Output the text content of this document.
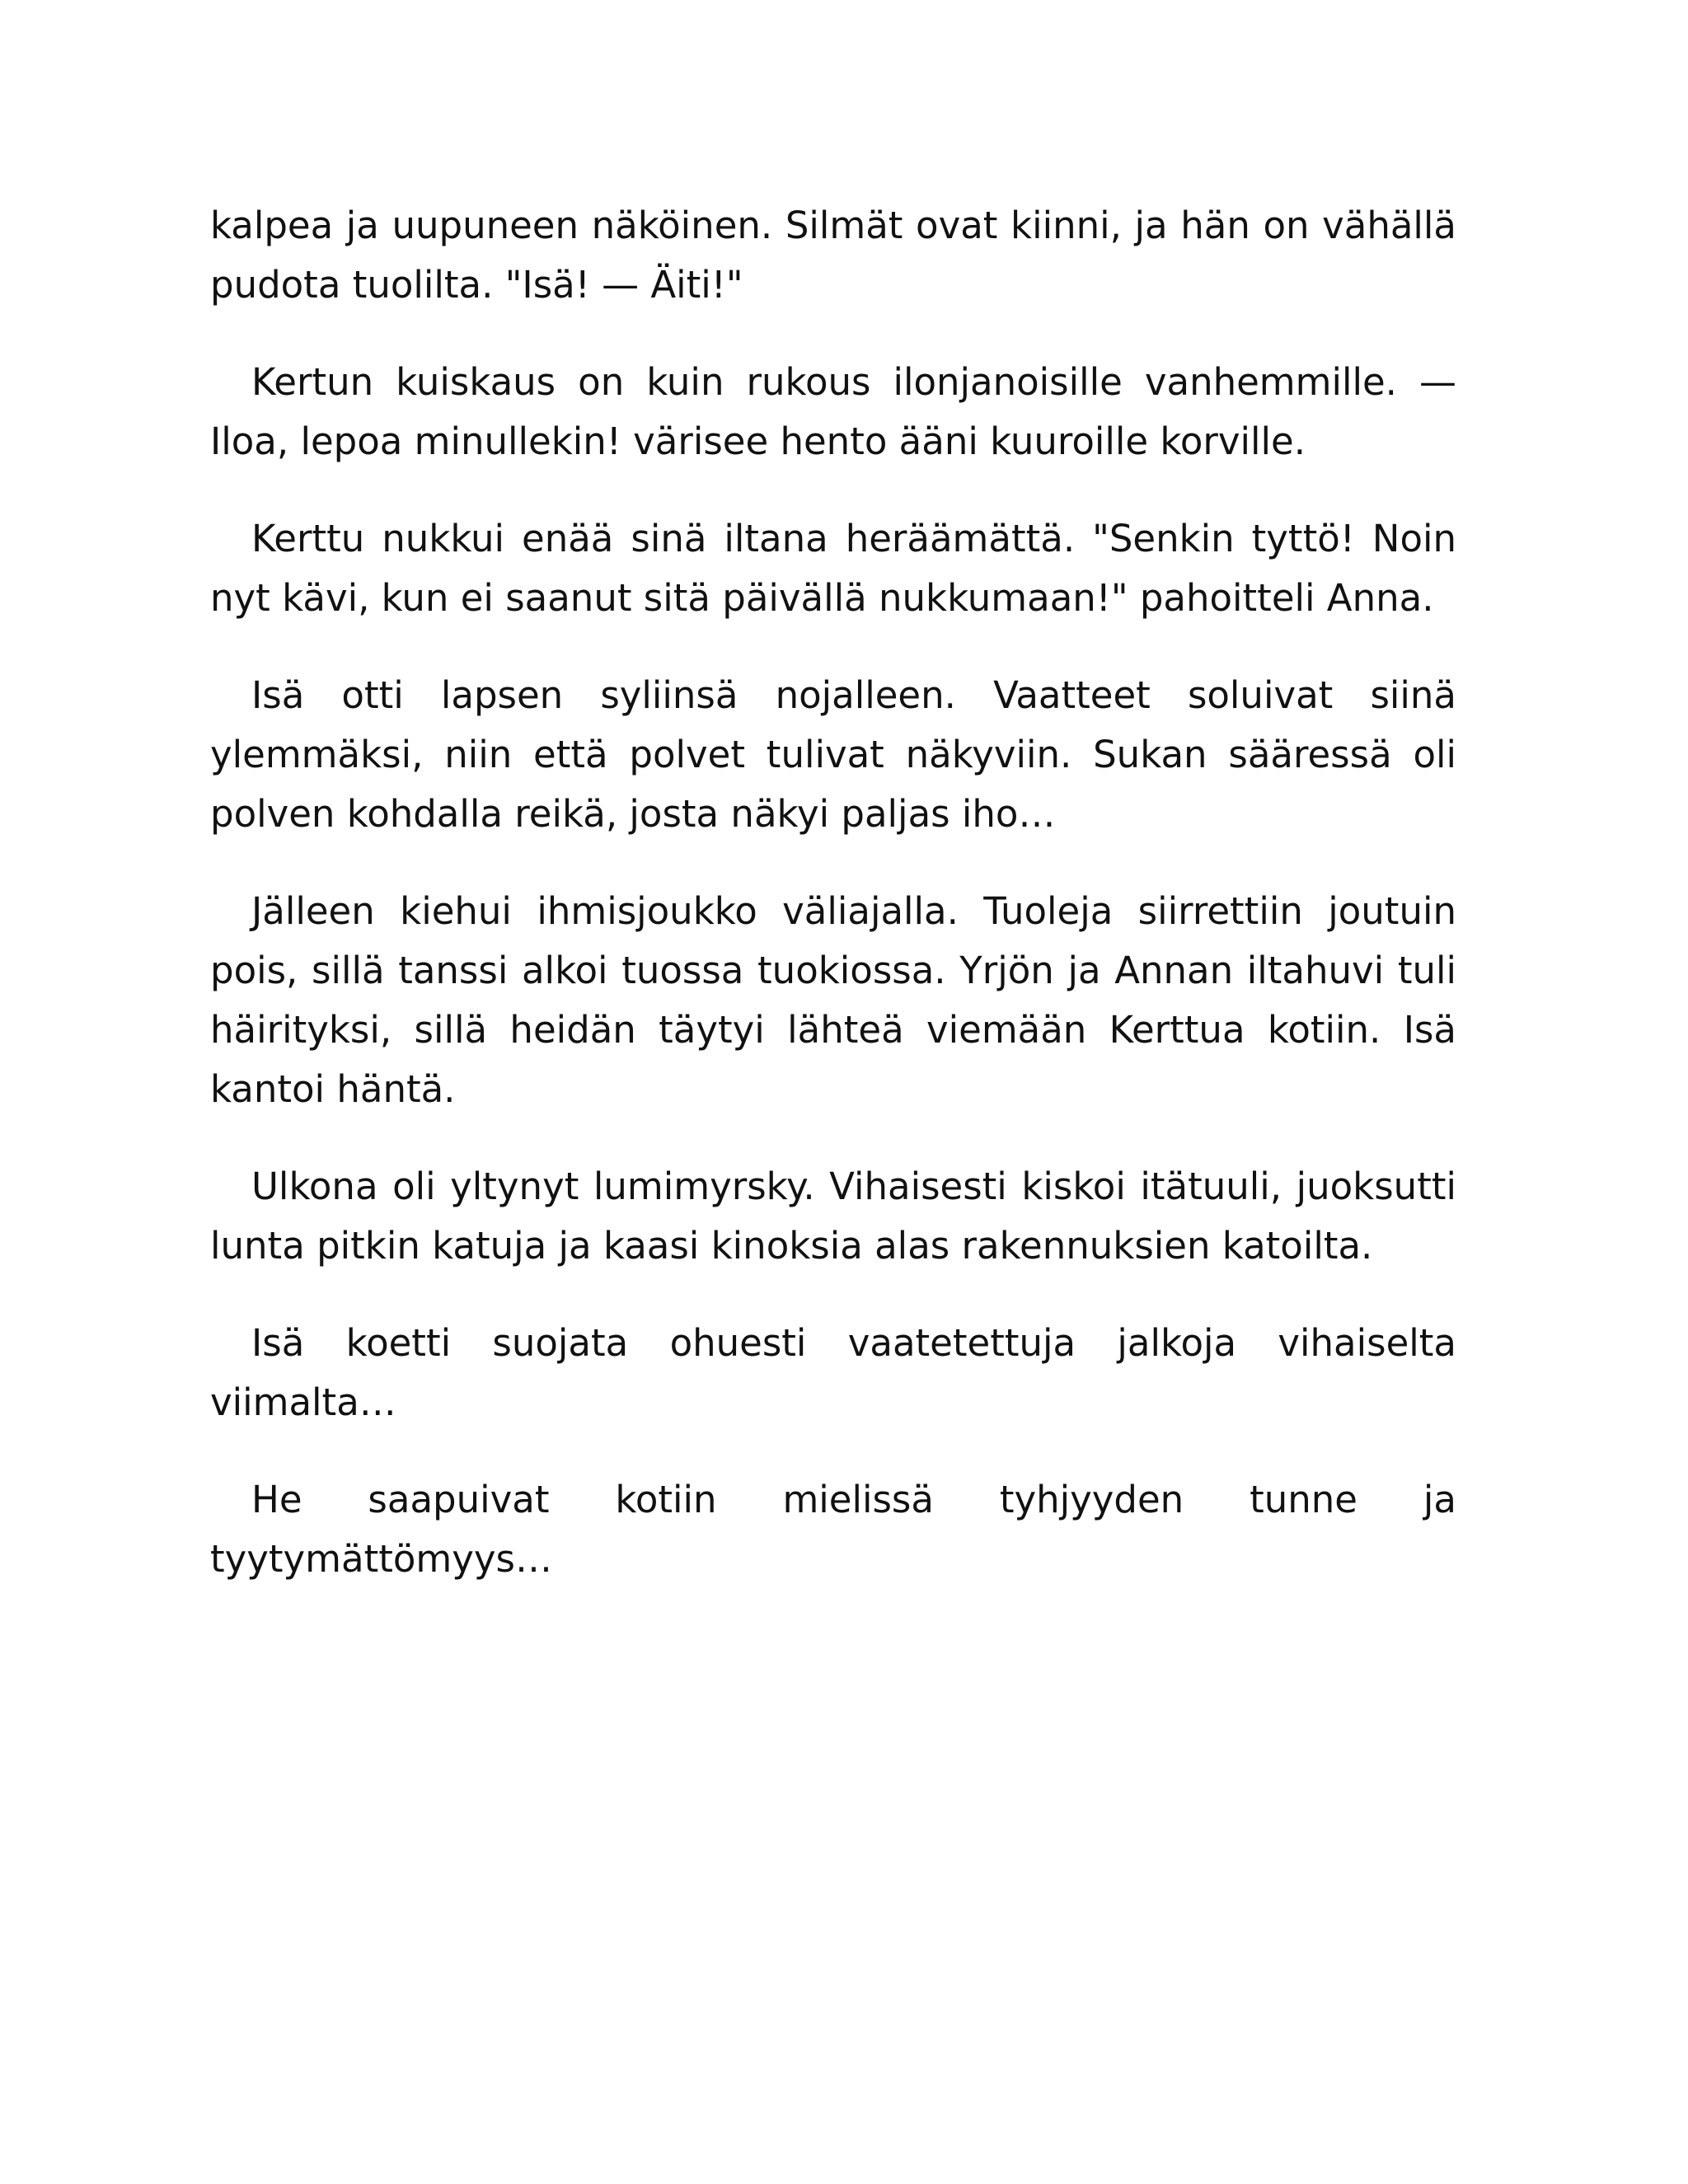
kalpea ja uupuneen näköinen. Silmät ovat kiinni, ja hän on vähällä pudota tuolilta. "Isä! — Äiti!"

Kertun kuiskaus on kuin rukous ilonjanoisille vanhemmille. — Iloa, lepoa minullekin! värisee hento ääni kuuroille korville.

Kerttu nukkui enää sinä iltana heräämättä. "Senkin tyttö! Noin nyt kävi, kun ei saanut sitä päivällä nukkumaan!" pahoitteli Anna.

Isä otti lapsen syliinsä nojalleen. Vaatteet soluivat siinä ylemmäksi, niin että polvet tulivat näkyviin. Sukan sääressä oli polven kohdalla reikä, josta näkyi paljas iho…

Jälleen kiehui ihmisjoukko väliajalla. Tuoleja siirrettiin joutuin pois, sillä tanssi alkoi tuossa tuokiossa. Yrjön ja Annan iltahuvi tuli häirityksi, sillä heidän täytyi lähteä viemään Kerttua kotiin. Isä kantoi häntä.

Ulkona oli yltynyt lumimyrsky. Vihaisesti kiskoi itätuuli, juoksutti lunta pitkin katuja ja kaasi kinoksia alas rakennuksien katoilta.

Isä koetti suojata ohuesti vaatetettuja jalkoja vihaiselta viimalta…

He saapuivat kotiin mielissä tyhjyyden tunne ja tyytymättömyys…
